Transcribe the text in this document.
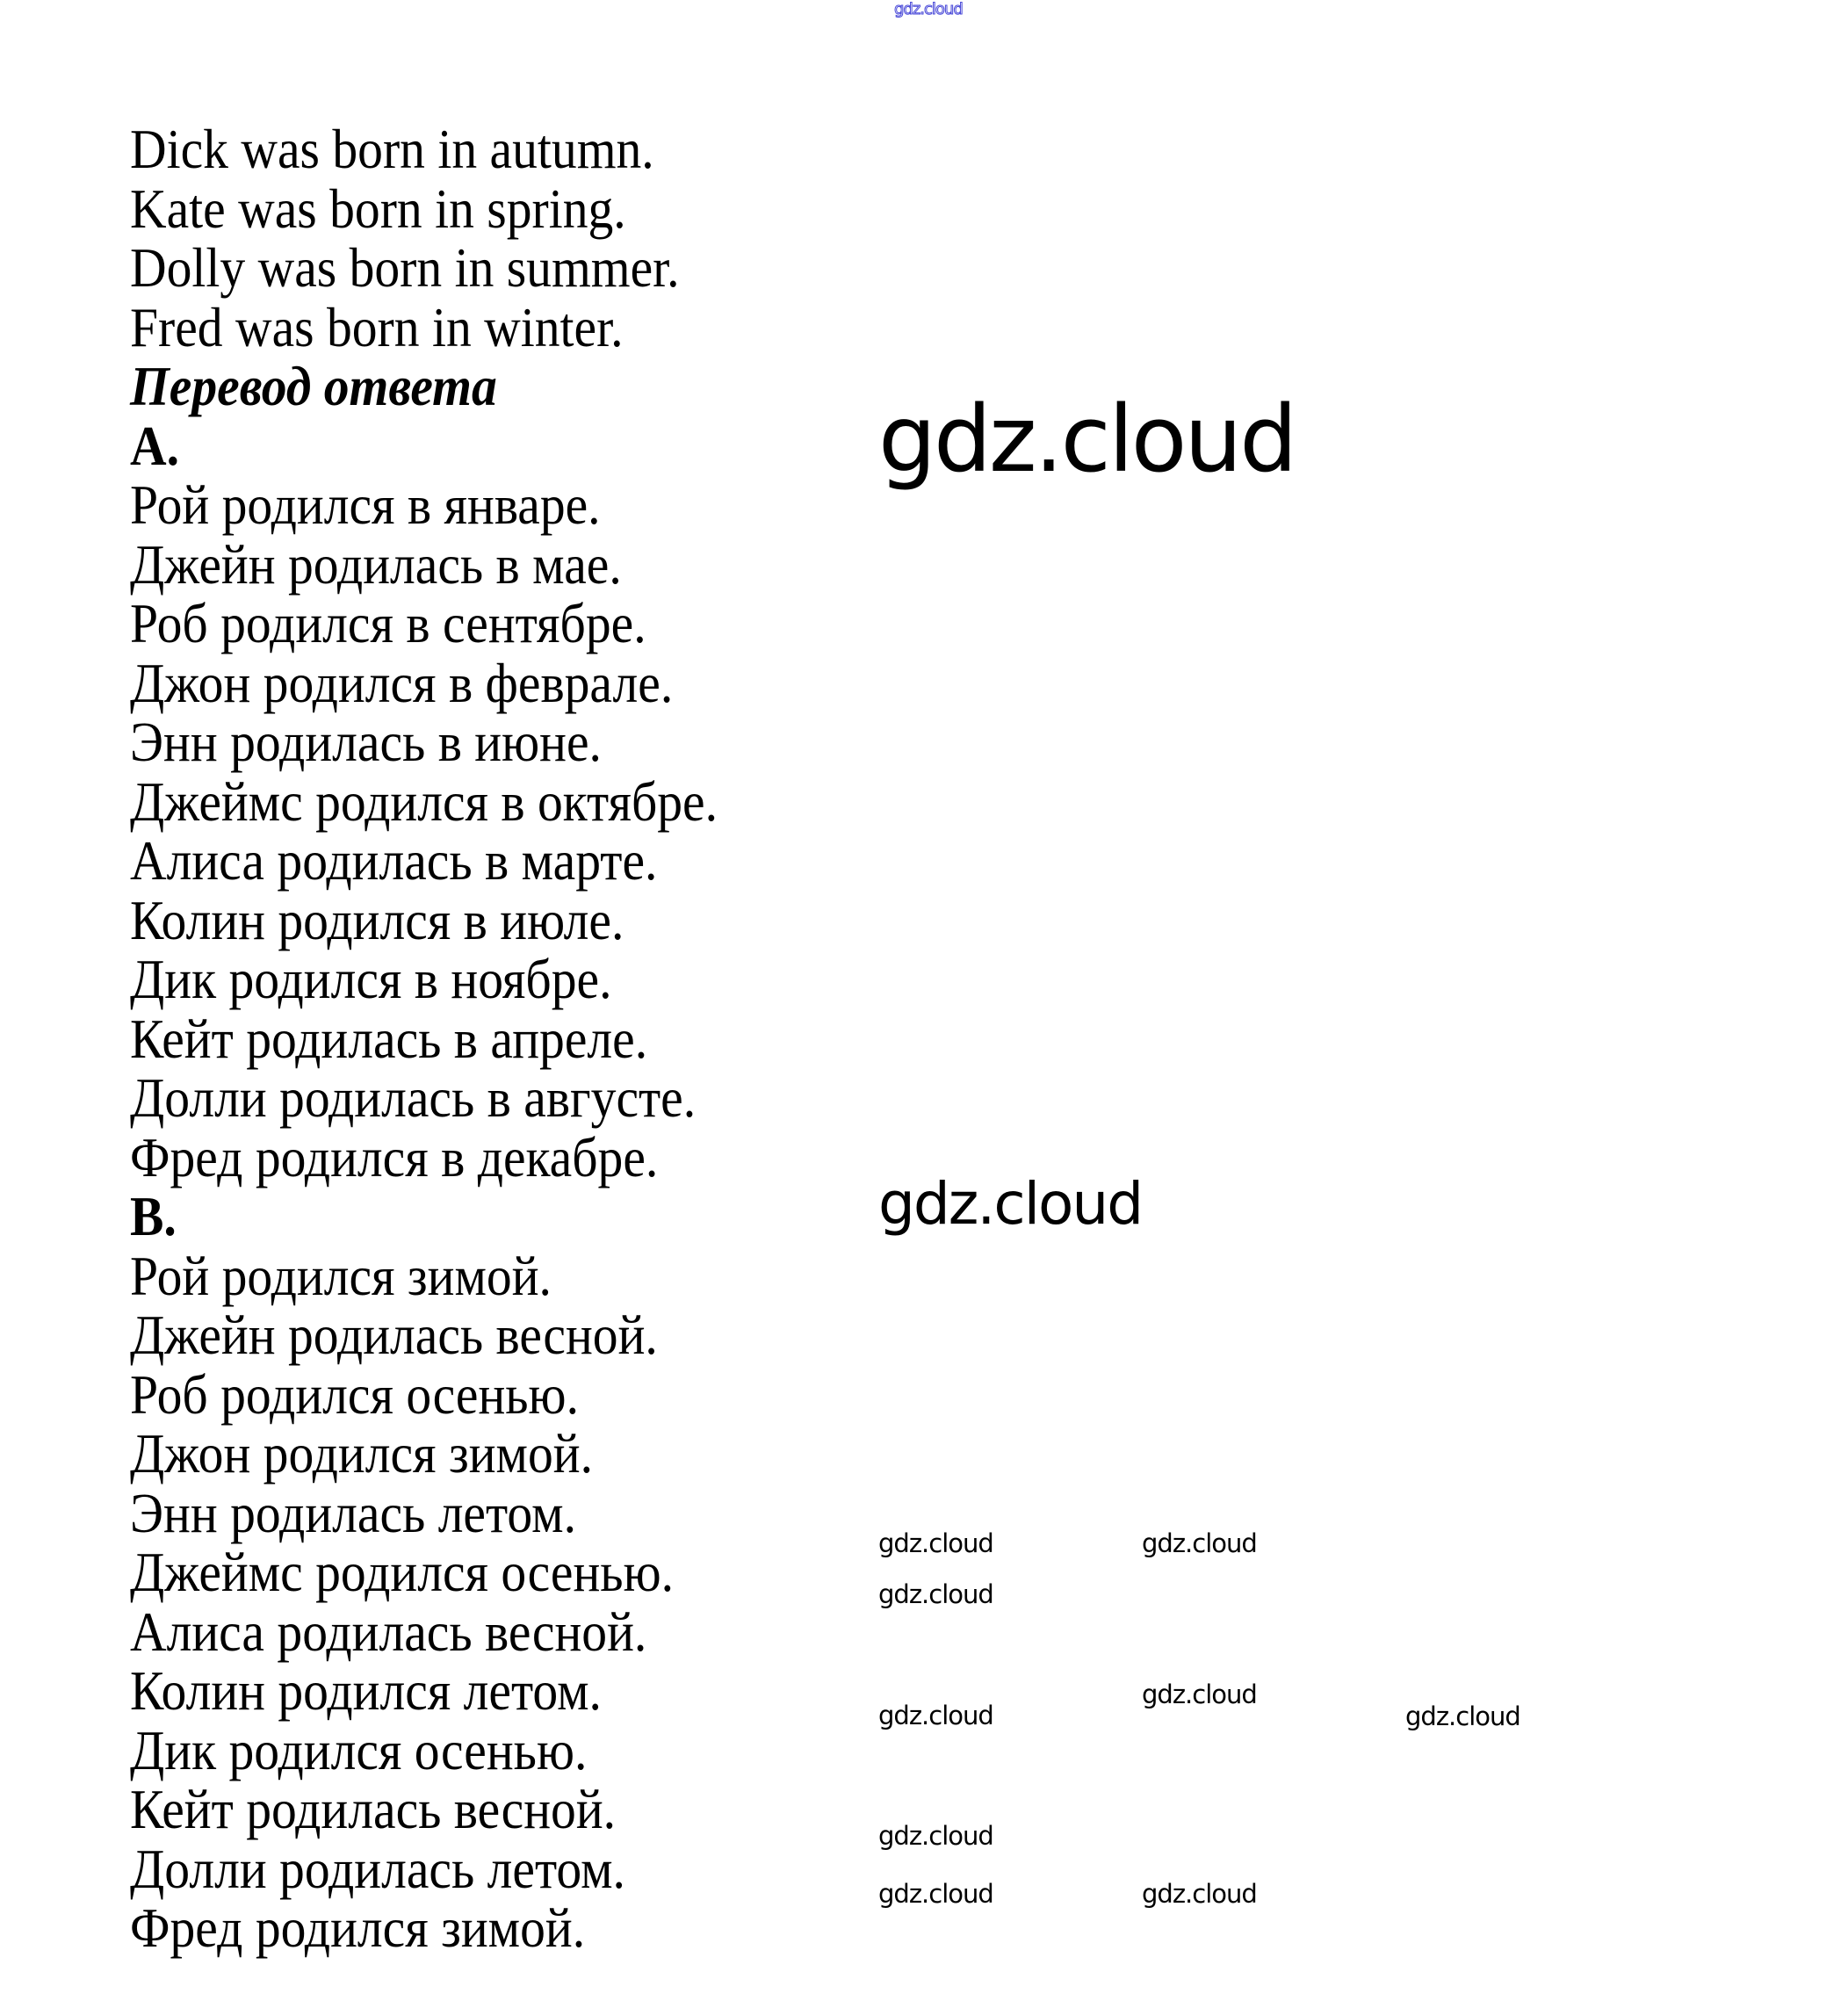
gdz.cloud
Dick was born in autumn.
Kate was born in spring.
Dolly was born in summer.
Fred was born in winter.
Перевод ответа
A.
Рой родился в январе.
Джейн родилась в мае.
Роб родился в сентябре.
Джон родился в феврале.
Энн родилась в июне.
Джеймс родился в октябре.
Алиса родилась в марте.
Колин родился в июле.
Дик родился в ноябре.
Кейт родилась в апреле.
Долли родилась в августе.
Фред родился в декабре.
B.
Рой родился зимой.
Джейн родилась весной.
Роб родился осенью.
Джон родился зимой.
Энн родилась летом.
Джеймс родился осенью.
Алиса родилась весной.
Колин родился летом.
Дик родился осенью.
Кейт родилась весной.
Долли родилась летом.
Фред родился зимой.
gdz.cloud
gdz.cloud
gdz.cloud	gdz.cloud
gdz.cloud
gdz.cloud
gdz.cloud	gdz.cloud
gdz.cloud
gdz.cloud	gdz.cloud
